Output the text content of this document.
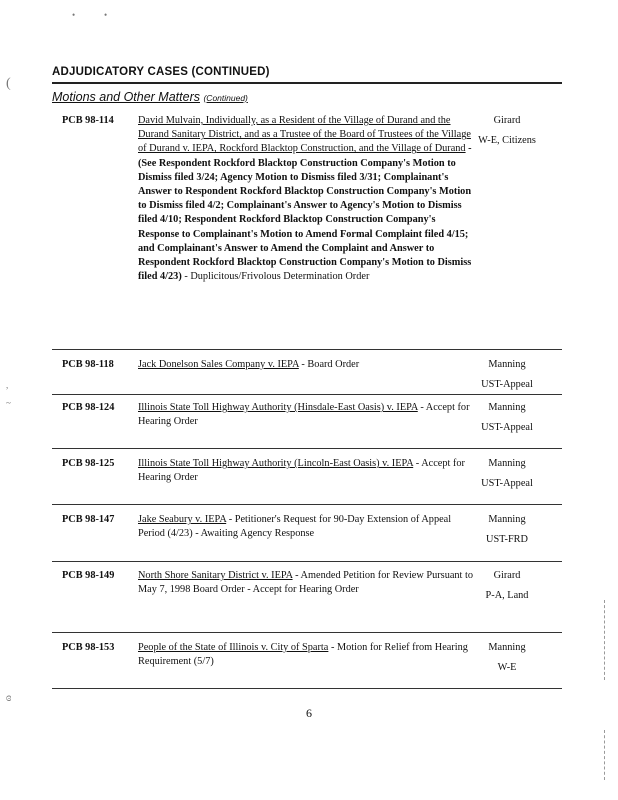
•	•
(
,
~
ɞ
ADJUDICATORY CASES (CONTINUED)
Motions and Other Matters (Continued)
PCB 98-114 David Mulvain, Individually, as a Resident of the Village of Durand and the Durand Sanitary District, and as a Trustee of the Board of Trustees of the Village of Durand v. IEPA, Rockford Blacktop Construction, and the Village of Durand - (See Respondent Rockford Blacktop Construction Company's Motion to Dismiss filed 3/24; Agency Motion to Dismiss filed 3/31; Complainant's Answer to Respondent Rockford Blacktop Construction Company's Motion to Dismiss filed 4/2; Complainant's Answer to Agency's Motion to Dismiss filed 4/10; Respondent Rockford Blacktop Construction Company's Response to Complainant's Motion to Amend Formal Complaint filed 4/15; and Complainant's Answer to Amend the Complaint and Answer to Respondent Rockford Blacktop Construction Company's Motion to Dismiss filed 4/23) - Duplicitous/Frivolous Determination Order
Girard
W-E, Citizens
PCB 98-118 Jack Donelson Sales Company v. IEPA - Board Order	Manning
UST-Appeal
PCB 98-124 Illinois State Toll Highway Authority (Hinsdale-East Oasis) v. IEPA - Accept for Hearing Order
Manning
UST-Appeal
PCB 98-125 Illinois State Toll Highway Authority (Lincoln-East Oasis) v. IEPA - Accept for Hearing Order
Manning
UST-Appeal
PCB 98-147 Jake Seabury v. IEPA - Petitioner's Request for 90-Day Extension of Appeal Period (4/23) - Awaiting Agency Response
Manning
UST-FRD
PCB 98-149 North Shore Sanitary District v. IEPA - Amended Petition for Review Pursuant to May 7, 1998 Board Order - Accept for Hearing Order
Girard
P-A, Land
PCB 98-153 People of the State of Illinois v. City of Sparta - Motion for Relief from Hearing Requirement (5/7)
Manning
W-E
6
